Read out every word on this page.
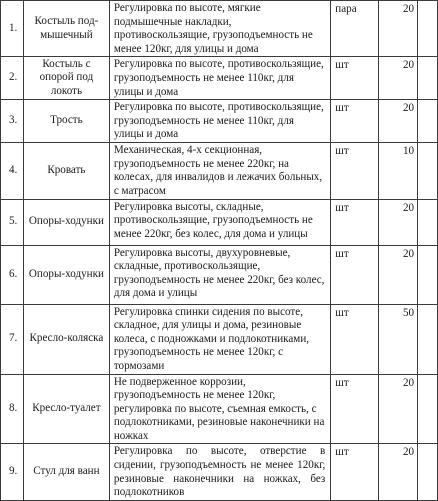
1.	Костыль под-мышечный	Регулировка по высоте, мягкие подмышечные накладки, противоскользящие, грузоподъемность не менее 120кг, для улицы и дома	пара	20	
2.	Костыль с опорой под локоть	Регулировка по высоте, противоскользящие, грузоподъемность не менее 110кг, для улицы и дома	шт	20	
3.	Трость	Регулировка по высоте, противоскользящие, грузоподъемность не менее 110кг, для улицы и дома	шт	20	
4.	Кровать	Механическая, 4-х секционная, грузоподъемность не менее 220кг, на колесах, для инвалидов и лежачих больных, с матрасом	шт	10	
5.	Опоры-ходунки	Регулировка высоты, складные, противоскользящие, грузоподъемность не менее 220кг, без колес, для дома и улицы	шт	20	
6.	Опоры-ходунки	Регулировка высоты, двухуровневые, складные, противоскользящие, грузоподъемность не менее 220кг, без колес, для дома и улицы	шт	20	
7.	Кресло-коляска	Регулировка спинки сидения по высоте, складное, для улицы и дома, резиновые колеса, с подножками и подлокотниками, грузоподъемность не менее 120кг, с тормозами	шт	50	
8.	Кресло-туалет	Не подверженное коррозии, грузоподъемность не менее 120кг, регулировка по высоте, съемная емкость, с подлокотниками, резиновые наконечники на ножках	шт	20	
9.	Стул для ванн	Регулировка по высоте, отверстие в сидении, грузоподъемность не менее 120кг, резиновые наконечники на ножках, без подлокотников	шт	20	
